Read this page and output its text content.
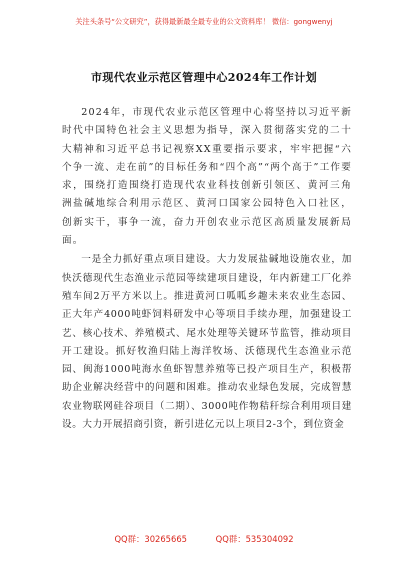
关注头条号“公文研究”，获得最新最全最专业的公文资料库！ 微信：gongwenyj
市现代农业示范区管理中心2024年工作计划

2024年，市现代农业示范区管理中心将坚持以习近平新时代中国特色社会主义思想为指导，深入贯彻落实党的二十大精神和习近平总书记视察XX重要指示要求，牢牢把握“六个争一流、走在前”的目标任务和“四个高”“两个高于”工作要求，围绕打造围绕打造现代农业科技创新引领区、黄河三角洲盐碱地综合利用示范区、黄河口国家公园特色入口社区，创新实干，事争一流，奋力开创农业示范区高质量发展新局面。

一是全力抓好重点项目建设。大力发展盐碱地设施农业，加快沃德现代生态渔业示范园等续建项目建设，年内新建工厂化养殖车间2万平方米以上。推进黄河口呱呱乡趣未来农业生态园、正大年产4000吨虾饲料研发中心等项目手续办理，加强建设工艺、核心技术、养殖模式、尾水处理等关键环节监管，推动项目开工建设。抓好牧渔归陆上海洋牧场、沃德现代生态渔业示范园、闽海1000吨海水鱼虾智慧养殖等已投产项目生产，积极帮助企业解决经营中的问题和困难。推动农业绿色发展，完成智慧农业物联网硅谷项目（二期）、3000吨作物秸秆综合利用项目建设。大力开展招商引资，新引进亿元以上项目2-3个，到位资金

QQ群：30265665	QQ群：535304092
